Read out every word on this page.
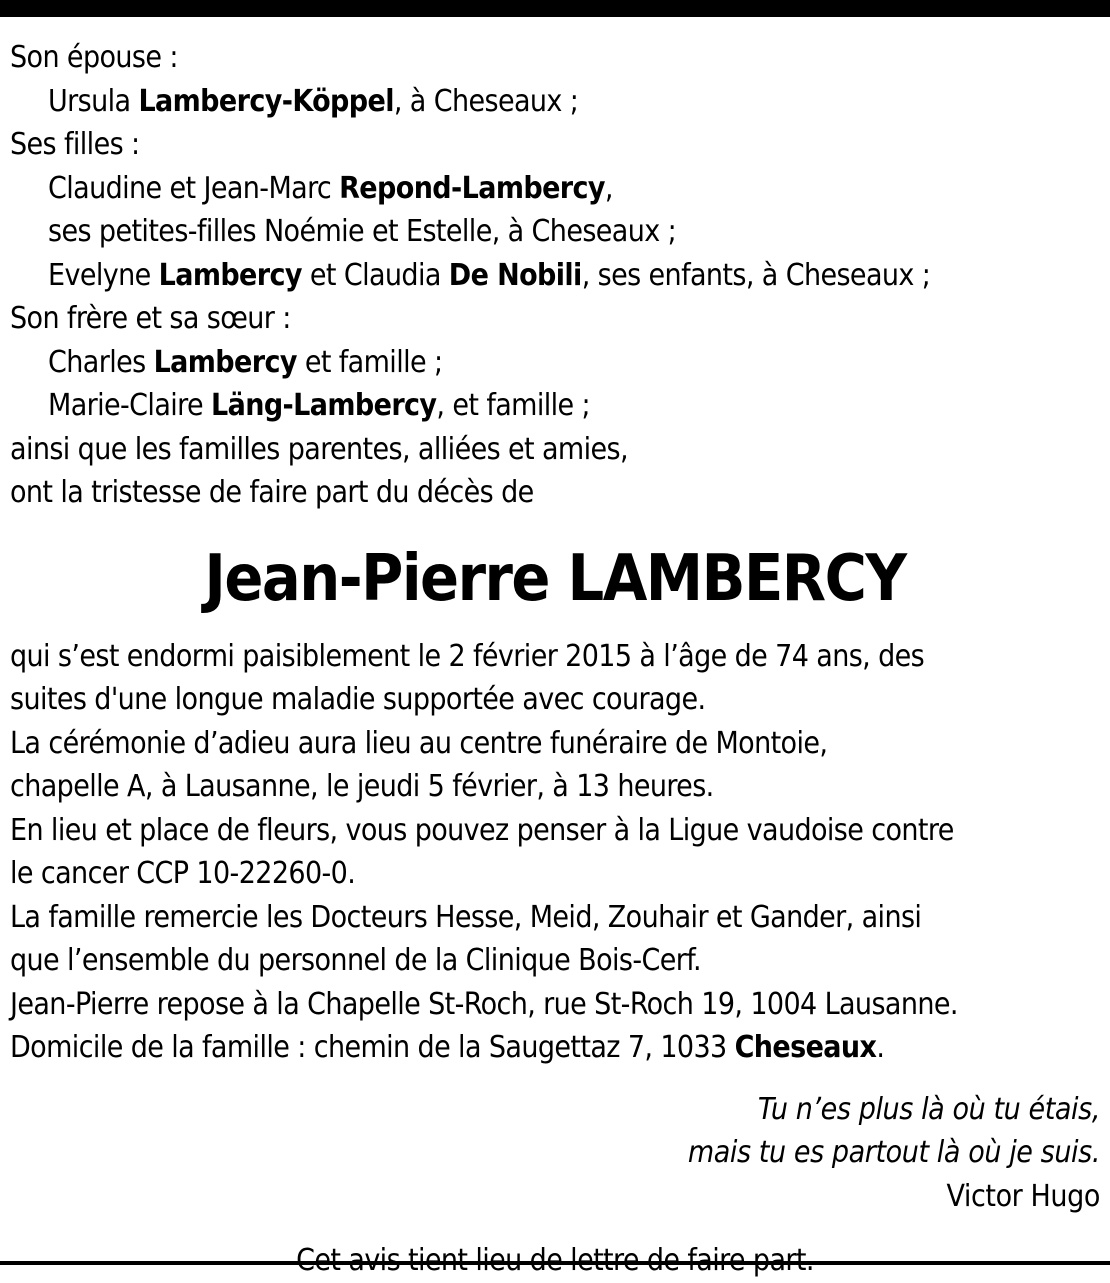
Son épouse :
Ursula Lambercy-Köppel, à Cheseaux ;
Ses filles :
Claudine et Jean-Marc Repond-Lambercy,
ses petites-filles Noémie et Estelle, à Cheseaux ;
Evelyne Lambercy et Claudia De Nobili, ses enfants, à Cheseaux ;
Son frère et sa sœur :
Charles Lambercy et famille ;
Marie-Claire Läng-Lambercy, et famille ;
ainsi que les familles parentes, alliées et amies,
ont la tristesse de faire part du décès de
Jean-Pierre LAMBERCY
qui s’est endormi paisiblement le 2 février 2015 à l’âge de 74 ans, des
suites d'une longue maladie supportée avec courage.
La cérémonie d’adieu aura lieu au centre funéraire de Montoie,
chapelle A, à Lausanne, le jeudi 5 février, à 13 heures.
En lieu et place de fleurs, vous pouvez penser à la Ligue vaudoise contre
le cancer CCP 10-22260-0.
La famille remercie les Docteurs Hesse, Meid, Zouhair et Gander, ainsi
que l’ensemble du personnel de la Clinique Bois-Cerf.
Jean-Pierre repose à la Chapelle St-Roch, rue St-Roch 19, 1004 Lausanne.
Domicile de la famille : chemin de la Saugettaz 7, 1033 Cheseaux.
Tu n’es plus là où tu étais,
mais tu es partout là où je suis.
Victor Hugo
